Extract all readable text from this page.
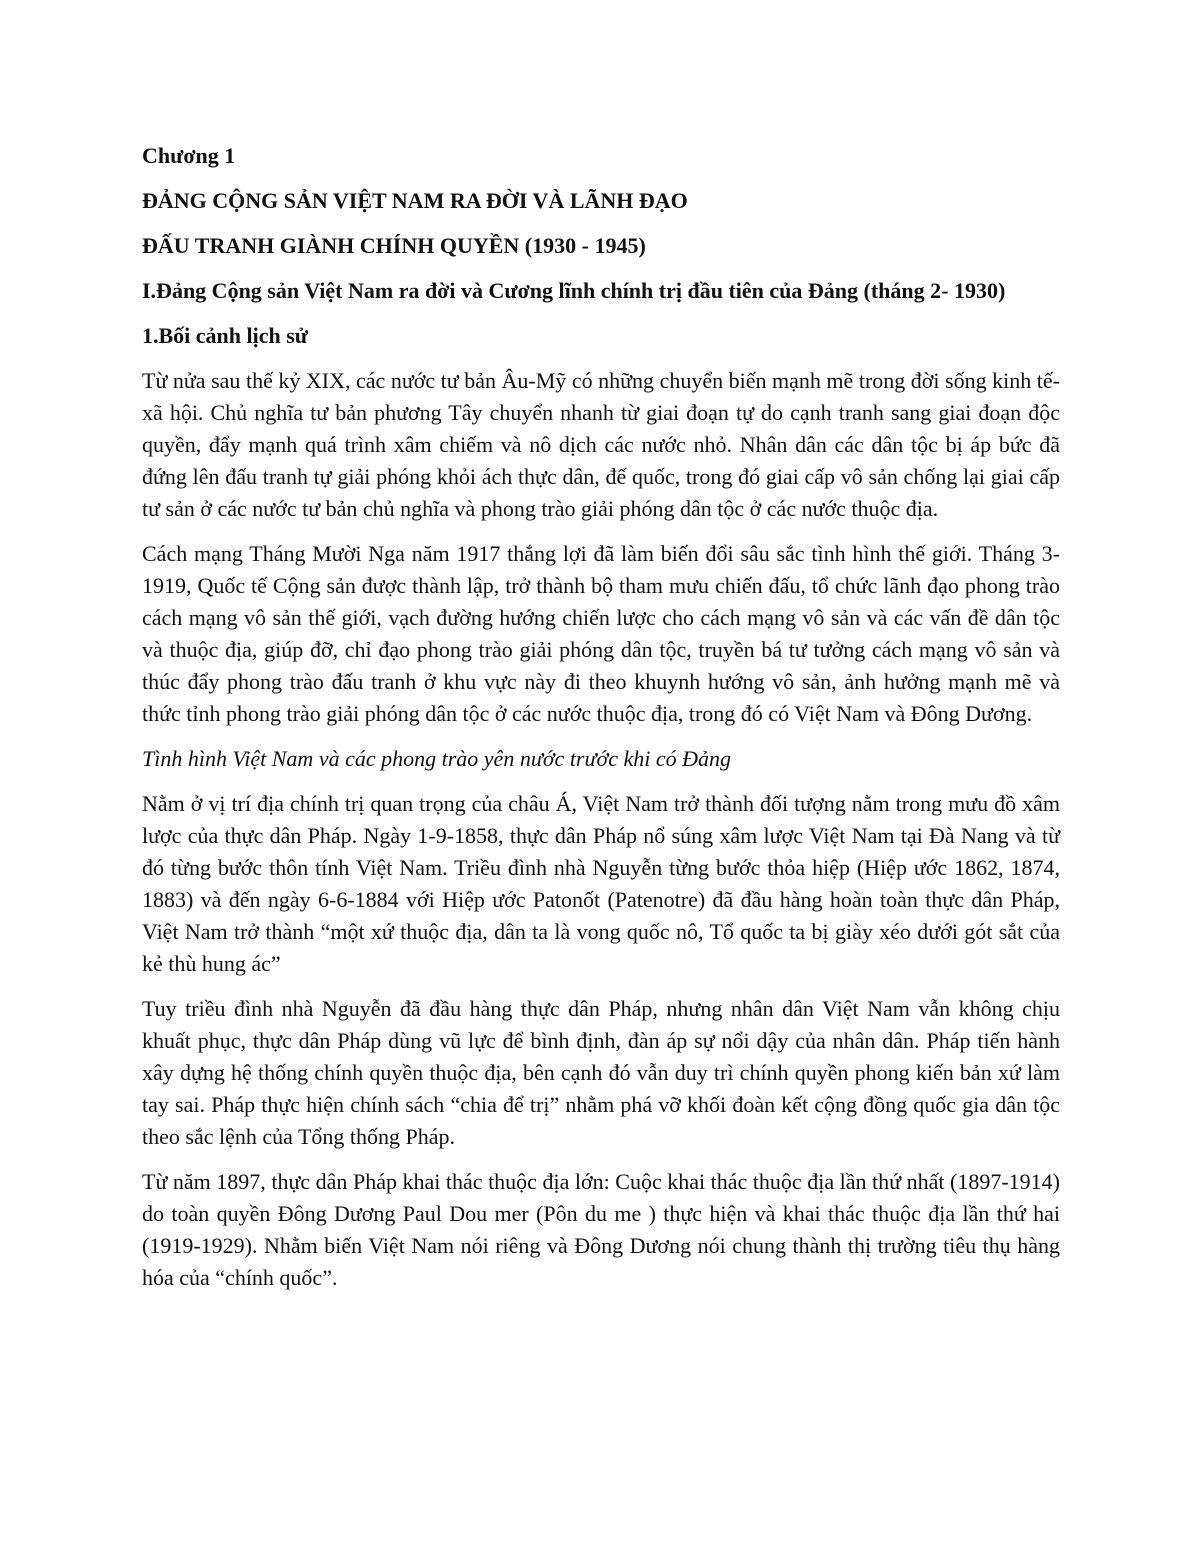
Chương 1

ĐẢNG CỘNG SẢN VIỆT NAM RA ĐỜI VÀ LÃNH ĐẠO

ĐẤU TRANH GIÀNH CHÍNH QUYỀN (1930 - 1945)

I.Đảng Cộng sản Việt Nam ra đời và Cương lĩnh chính trị đầu tiên của Đảng (tháng 2- 1930)

1.Bối cảnh lịch sử

Từ nửa sau thế kỷ XIX, các nước tư bản Âu-Mỹ có những chuyển biến mạnh mẽ trong đời sống kinh tế-xã hội. Chủ nghĩa tư bản phương Tây chuyển nhanh từ giai đoạn tự do cạnh tranh sang giai đoạn độc quyền, đẩy mạnh quá trình xâm chiếm và nô dịch các nước nhỏ. Nhân dân các dân tộc bị áp bức đã đứng lên đấu tranh tự giải phóng khỏi ách thực dân, đế quốc, trong đó giai cấp vô sản chống lại giai cấp tư sản ở các nước tư bản chủ nghĩa và phong trào giải phóng dân tộc ở các nước thuộc địa.

Cách mạng Tháng Mười Nga năm 1917 thắng lợi đã làm biến đổi sâu sắc tình hình thế giới. Tháng 3-1919, Quốc tế Cộng sản được thành lập, trở thành bộ tham mưu chiến đấu, tổ chức lãnh đạo phong trào cách mạng vô sản thế giới, vạch đường hướng chiến lược cho cách mạng vô sản và các vấn đề dân tộc và thuộc địa, giúp đỡ, chỉ đạo phong trào giải phóng dân tộc, truyền bá tư tưởng cách mạng vô sản và thúc đẩy phong trào đấu tranh ở khu vực này đi theo khuynh hướng vô sản, ảnh hưởng mạnh mẽ và thức tỉnh phong trào giải phóng dân tộc ở các nước thuộc địa, trong đó có Việt Nam và Đông Dương.

Tình hình Việt Nam và các phong trào yên nước trước khi có Đảng

Nằm ở vị trí địa chính trị quan trọng của châu Á, Việt Nam trở thành đối tượng nằm trong mưu đồ xâm lược của thực dân Pháp. Ngày 1-9-1858, thực dân Pháp nổ súng xâm lược Việt Nam tại Đà Nang và từ đó từng bước thôn tính Việt Nam. Triều đình nhà Nguyễn từng bước thỏa hiệp (Hiệp ước 1862, 1874, 1883) và đến ngày 6-6-1884 với Hiệp ước Patonốt (Patenotre) đã đầu hàng hoàn toàn thực dân Pháp, Việt Nam trở thành “một xứ thuộc địa, dân ta là vong quốc nô, Tổ quốc ta bị giày xéo dưới gót sắt của kẻ thù hung ác”

Tuy triều đình nhà Nguyễn đã đầu hàng thực dân Pháp, nhưng nhân dân Việt Nam vẫn không chịu khuất phục, thực dân Pháp dùng vũ lực để bình định, đàn áp sự nổi dậy của nhân dân. Pháp tiến hành xây dựng hệ thống chính quyền thuộc địa, bên cạnh đó vẫn duy trì chính quyền phong kiến bản xứ làm tay sai. Pháp thực hiện chính sách “chia để trị” nhằm phá vỡ khối đoàn kết cộng đồng quốc gia dân tộc theo sắc lệnh của Tổng thống Pháp.

Từ năm 1897, thực dân Pháp khai thác thuộc địa lớn: Cuộc khai thác thuộc địa lần thứ nhất (1897-1914) do toàn quyền Đông Dương Paul Dou mer (Pôn du me ) thực hiện và khai thác thuộc địa lần thứ hai (1919-1929). Nhằm biến Việt Nam nói riêng và Đông Dương nói chung thành thị trường tiêu thụ hàng hóa của “chính quốc”.
